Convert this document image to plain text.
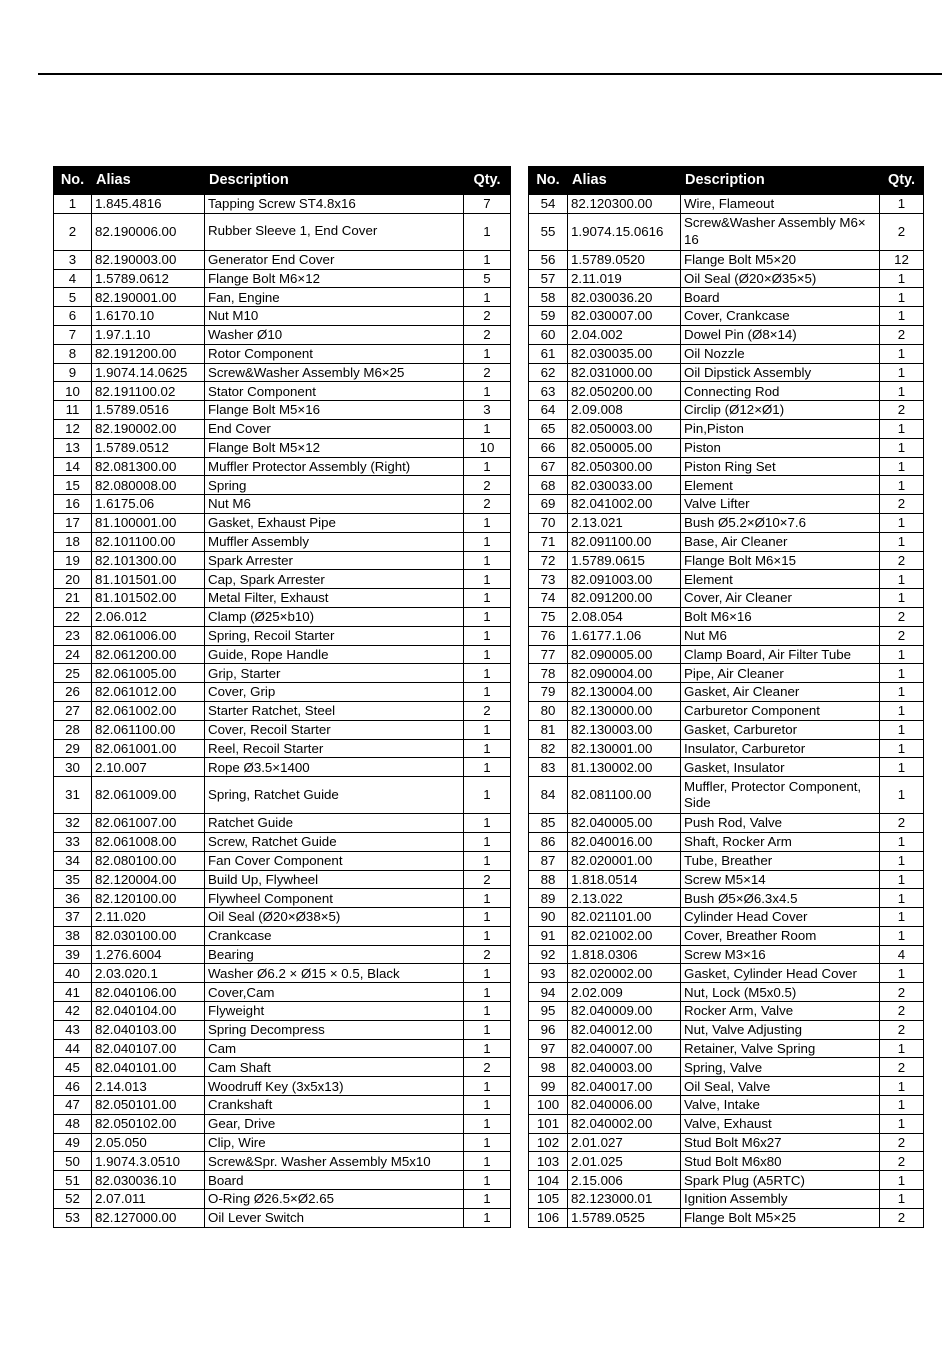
No.	Alias	Description	Qty.
1	1.845.4816	Tapping Screw ST4.8x16	7
2	82.190006.00	Rubber Sleeve 1, End Cover	1
3	82.190003.00	Generator End Cover	1
4	1.5789.0612	Flange Bolt M6×12	5
5	82.190001.00	Fan, Engine	1
6	1.6170.10	Nut M10	2
7	1.97.1.10	Washer Ø10	2
8	82.191200.00	Rotor Component	1
9	1.9074.14.0625	Screw&Washer Assembly M6×25	2
10	82.191100.02	Stator Component	1
11	1.5789.0516	Flange Bolt M5×16	3
12	82.190002.00	End Cover	1
13	1.5789.0512	Flange Bolt M5×12	10
14	82.081300.00	Muffler Protector Assembly (Right)	1
15	82.080008.00	Spring	2
16	1.6175.06	Nut M6	2
17	81.100001.00	Gasket, Exhaust Pipe	1
18	82.101100.00	Muffler Assembly	1
19	82.101300.00	Spark Arrester	1
20	81.101501.00	Cap, Spark Arrester	1
21	81.101502.00	Metal Filter, Exhaust	1
22	2.06.012	Clamp (Ø25×b10)	1
23	82.061006.00	Spring, Recoil Starter	1
24	82.061200.00	Guide, Rope Handle	1
25	82.061005.00	Grip, Starter	1
26	82.061012.00	Cover, Grip	1
27	82.061002.00	Starter Ratchet, Steel	2
28	82.061100.00	Cover, Recoil Starter	1
29	82.061001.00	Reel, Recoil Starter	1
30	2.10.007	Rope Ø3.5×1400	1
31	82.061009.00	Spring, Ratchet Guide	1
32	82.061007.00	Ratchet Guide	1
33	82.061008.00	Screw, Ratchet Guide	1
34	82.080100.00	Fan Cover Component	1
35	82.120004.00	Build Up, Flywheel	2
36	82.120100.00	Flywheel Component	1
37	2.11.020	Oil Seal (Ø20×Ø38×5)	1
38	82.030100.00	Crankcase	1
39	1.276.6004	Bearing	2
40	2.03.020.1	Washer Ø6.2 × Ø15 × 0.5, Black	1
41	82.040106.00	Cover,Cam	1
42	82.040104.00	Flyweight	1
43	82.040103.00	Spring Decompress	1
44	82.040107.00	Cam	1
45	82.040101.00	Cam Shaft	2
46	2.14.013	Woodruff Key (3x5x13)	1
47	82.050101.00	Crankshaft	1
48	82.050102.00	Gear, Drive	1
49	2.05.050	Clip, Wire	1
50	1.9074.3.0510	Screw&Spr. Washer Assembly M5x10	1
51	82.030036.10	Board	1
52	2.07.011	O-Ring Ø26.5×Ø2.65	1
53	82.127000.00	Oil Lever Switch	1
No.	Alias	Description	Qty.
54	82.120300.00	Wire, Flameout	1
55	1.9074.15.0616	Screw&Washer Assembly M6× 16	2
56	1.5789.0520	Flange Bolt M5×20	12
57	2.11.019	Oil Seal (Ø20×Ø35×5)	1
58	82.030036.20	Board	1
59	82.030007.00	Cover, Crankcase	1
60	2.04.002	Dowel Pin (Ø8×14)	2
61	82.030035.00	Oil Nozzle	1
62	82.031000.00	Oil Dipstick Assembly	1
63	82.050200.00	Connecting Rod	1
64	2.09.008	Circlip (Ø12×Ø1)	2
65	82.050003.00	Pin,Piston	1
66	82.050005.00	Piston	1
67	82.050300.00	Piston Ring Set	1
68	82.030033.00	Element	1
69	82.041002.00	Valve Lifter	2
70	2.13.021	Bush Ø5.2×Ø10×7.6	1
71	82.091100.00	Base, Air Cleaner	1
72	1.5789.0615	Flange Bolt M6×15	2
73	82.091003.00	Element	1
74	82.091200.00	Cover, Air Cleaner	1
75	2.08.054	Bolt M6×16	2
76	1.6177.1.06	Nut M6	2
77	82.090005.00	Clamp Board, Air Filter Tube	1
78	82.090004.00	Pipe, Air Cleaner	1
79	82.130004.00	Gasket, Air Cleaner	1
80	82.130000.00	Carburetor Component	1
81	82.130003.00	Gasket, Carburetor	1
82	82.130001.00	Insulator, Carburetor	1
83	81.130002.00	Gasket, Insulator	1
84	82.081100.00	Muffler, Protector Component, Side	1
85	82.040005.00	Push Rod, Valve	2
86	82.040016.00	Shaft, Rocker Arm	1
87	82.020001.00	Tube, Breather	1
88	1.818.0514	Screw M5×14	1
89	2.13.022	Bush Ø5×Ø6.3x4.5	1
90	82.021101.00	Cylinder Head Cover	1
91	82.021002.00	Cover, Breather Room	1
92	1.818.0306	Screw M3×16	4
93	82.020002.00	Gasket, Cylinder Head Cover	1
94	2.02.009	Nut, Lock (M5x0.5)	2
95	82.040009.00	Rocker Arm, Valve	2
96	82.040012.00	Nut, Valve Adjusting	2
97	82.040007.00	Retainer, Valve Spring	1
98	82.040003.00	Spring, Valve	2
99	82.040017.00	Oil Seal, Valve	1
100	82.040006.00	Valve, Intake	1
101	82.040002.00	Valve, Exhaust	1
102	2.01.027	Stud Bolt M6x27	2
103	2.01.025	Stud Bolt M6x80	2
104	2.15.006	Spark Plug (A5RTC)	1
105	82.123000.01	Ignition Assembly	1
106	1.5789.0525	Flange Bolt M5×25	2
